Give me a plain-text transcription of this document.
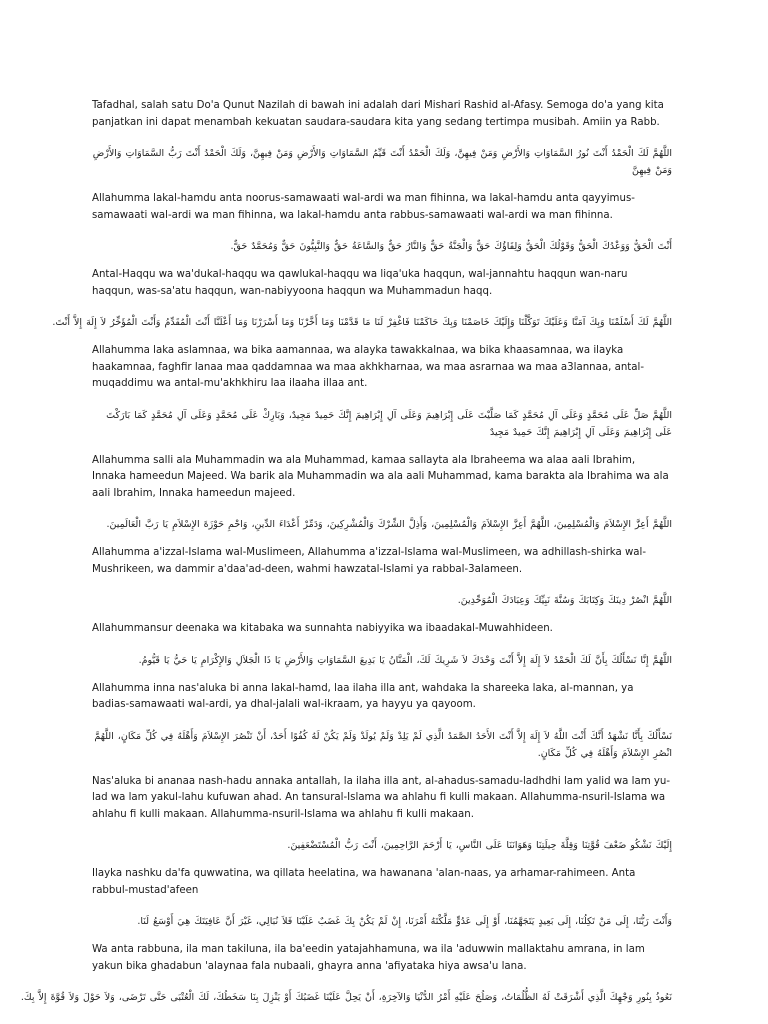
Tafadhal, salah satu Do'a Qunut Nazilah di bawah ini adalah dari Mishari Rashid al-Afasy. Semoga do'a yang kita panjatkan ini dapat menambah kekuatan saudara-saudara kita yang sedang tertimpa musibah. Amiin ya Rabb.

اللَّهُمَّ لَكَ الْحَمْدُ أَنْتَ نُورُ السَّمَاوَاتِ وَالأَرْضِ وَمَنْ فِيهِنَّ، وَلَكَ الْحَمْدُ أَنْتَ قَيِّمُ السَّمَاوَاتِ وَالأَرْضِ وَمَنْ فِيهِنَّ، وَلَكَ الْحَمْدُ أَنْتَ رَبُّ السَّمَاوَاتِ وَالأَرْضِ وَمَنْ فِيهِنَّ

Allahumma lakal-hamdu anta noorus-samawaati wal-ardi wa man fihinna, wa lakal-hamdu anta qayyimus-samawaati wal-ardi wa man fihinna, wa lakal-hamdu anta rabbus-samawaati wal-ardi wa man fihinna.

أَنْتَ الْحَقُّ وَوَعْدُكَ الْحَقُّ وَقَوْلُكَ الْحَقُّ وَلِقَاؤُكَ حَقٌّ وَالْجَنَّةُ حَقٌّ وَالنَّارُ حَقٌّ وَالسَّاعَةُ حَقٌّ وَالنَّبِيُّونَ حَقٌّ وَمُحَمَّدٌ حَقٌّ.

Antal-Haqqu wa wa'dukal-haqqu wa qawlukal-haqqu wa liqa'uka haqqun, wal-jannahtu haqqun wan-naru haqqun, was-sa'atu haqqun, wan-nabiyyoona haqqun wa Muhammadun haqq.

اللَّهُمَّ لَكَ أَسْلَمْنَا وَبِكَ آمَنَّا وَعَلَيْكَ تَوَكَّلْنَا وَإِلَيْكَ خَاصَمْنَا وَبِكَ حَاكَمْنَا فَاغْفِرْ لَنَا مَا قَدَّمْنَا وَمَا أَخَّرْنَا وَمَا أَسْرَرْنَا وَمَا أَعْلَنَّا أَنْتَ الْمُقَدِّمُ وَأَنْتَ الْمُؤَخِّرُ لاَ إِلَهَ إِلاَّ أَنْتَ.

Allahumma laka aslamnaa, wa bika aamannaa, wa alayka tawakkalnaa, wa bika khaasamnaa, wa ilayka haakamnaa, faghfir lanaa maa qaddamnaa wa maa akhkharnaa, wa maa asrarnaa wa maa a3lannaa, antal-muqaddimu wa antal-mu'akhkhiru laa ilaaha illaa ant.

اللَّهُمَّ صَلِّ عَلَى مُحَمَّدٍ وَعَلَى آلِ مُحَمَّدٍ كَمَا صَلَّيْتَ عَلَى إِبْرَاهِيمَ وَعَلَى آلِ إِبْرَاهِيمَ إِنَّكَ حَمِيدٌ مَجِيدٌ، وَبَارِكْ عَلَى مُحَمَّدٍ وَعَلَى آلِ مُحَمَّدٍ كَمَا بَارَكْتَ عَلَى إِبْرَاهِيمَ وَعَلَى آلِ إِبْرَاهِيمَ إِنَّكَ حَمِيدٌ مَجِيدٌ

Allahumma salli ala Muhammadin wa ala Muhammad, kamaa sallayta ala Ibraheema wa alaa aali Ibrahim, Innaka hameedun Majeed. Wa barik ala Muhammadin wa ala aali Muhammad, kama barakta ala Ibrahima wa ala aali Ibrahim, Innaka hameedun majeed.

اللَّهُمَّ أَعِزَّ الإِسْلاَمَ وَالْمُسْلِمِينَ، اللَّهُمَّ أَعِزَّ الإِسْلاَمَ وَالْمُسْلِمِينَ، وَأَذِلَّ الشِّرْكَ وَالْمُشْرِكِينَ، وَدَمِّرْ أَعْدَاءَ الدِّينِ، وَاحْمِ حَوْزَةَ الإِسْلاَمِ يَا رَبَّ الْعَالَمِينَ.

Allahumma a'izzal-Islama wal-Muslimeen, Allahumma a'izzal-Islama wal-Muslimeen, wa adhillash-shirka wal-Mushrikeen, wa dammir a'daa'ad-deen, wahmi hawzatal-Islami ya rabbal-3alameen.

اللَّهُمَّ انْصُرْ دِينَكَ وَكِتَابَكَ وَسُنَّةَ نَبِيِّكَ وَعِبَادَكَ الْمُوَحِّدِينَ.

Allahummansur deenaka wa kitabaka wa sunnahta nabiyyika wa ibaadakal-Muwahhideen.

اللَّهُمَّ إِنَّا نَسْأَلُكَ بِأَنَّ لَكَ الْحَمْدُ لاَ إِلَهَ إِلاَّ أَنْتَ وَحْدَكَ لاَ شَرِيكَ لَكَ، الْمَنَّانُ يَا بَدِيعَ السَّمَاوَاتِ وَالأَرْضِ يَا ذَا الْجَلاَلِ وَالإِكْرَامِ يَا حَيُّ يَا قَيُّومُ.

Allahumma inna nas'aluka bi anna lakal-hamd, laa ilaha illa ant, wahdaka la shareeka laka, al-mannan, ya badias-samawaati wal-ardi, ya dhal-jalali wal-ikraam, ya hayyu ya qayoom.

نَسْأَلُكَ بِأَنَّا نَشْهَدُ أَنَّكَ أَنْتَ اللَّهُ لاَ إِلَهَ إِلاَّ أَنْتَ الأَحَدُ الصَّمَدُ الَّذِي لَمْ يَلِدْ وَلَمْ يُولَدْ وَلَمْ يَكُنْ لَهُ كُفُوًا أَحَدٌ، أَنْ تَنْصُرَ الإِسْلاَمَ وَأَهْلَهُ فِي كُلِّ مَكَانٍ، اللَّهُمَّ انْصُرِ الإِسْلاَمَ وَأَهْلَهُ فِي كُلِّ مَكَانٍ.

Nas'aluka bi ananaa nash-hadu annaka antallah, la ilaha illa ant, al-ahadus-samadu-ladhdhi lam yalid wa lam yu-lad wa lam yakul-lahu kufuwan ahad. An tansural-Islama wa ahlahu fi kulli makaan. Allahumma-nsuril-Islama wa ahlahu fi kulli makaan. Allahumma-nsuril-Islama wa ahlahu fi kulli makaan.

إِلَيْكَ نَشْكُو ضَعْفَ قُوَّتِنَا وَقِلَّةَ حِيلَتِنَا وَهَوَانَنَا عَلَى النَّاسِ، يَا أَرْحَمَ الرَّاحِمِينَ، أَنْتَ رَبُّ الْمُسْتَضْعَفِينَ.

Ilayka nashku da'fa quwwatina, wa qillata heelatina, wa hawanana 'alan-naas, ya arhamar-rahimeen. Anta rabbul-mustad'afeen

وَأَنْتَ رَبُّنَا، إِلَى مَنْ تَكِلُنَا، إِلَى بَعِيدٍ يَتَجَهَّمُنَا، أَوْ إِلَى عَدُوٍّ مَلَّكْتَهُ أَمْرَنَا، إِنْ لَمْ يَكُنْ بِكَ غَضَبٌ عَلَيْنَا فَلاَ نُبَالِي، غَيْرَ أَنَّ عَافِيَتَكَ هِيَ أَوْسَعُ لَنَا.

Wa anta rabbuna, ila man takiluna, ila ba'eedin yatajahhamuna, wa ila 'aduwwin mallaktahu amrana, in lam yakun bika ghadabun 'alaynaa fala nubaali, ghayra anna 'afiyataka hiya awsa'u lana.

نَعُوذُ بِنُورِ وَجْهِكَ الَّذِي أَشْرَقَتْ لَهُ الظُّلُمَاتُ، وَصَلُحَ عَلَيْهِ أَمْرُ الدُّنْيَا وَالآخِرَةِ، أَنْ يَحِلَّ عَلَيْنَا غَضَبُكَ أَوْ يَنْزِلَ بِنَا سَخَطُكَ، لَكَ الْعُتْبَى حَتَّى تَرْضَى، وَلاَ حَوْلَ وَلاَ قُوَّةَ إِلاَّ بِكَ.
